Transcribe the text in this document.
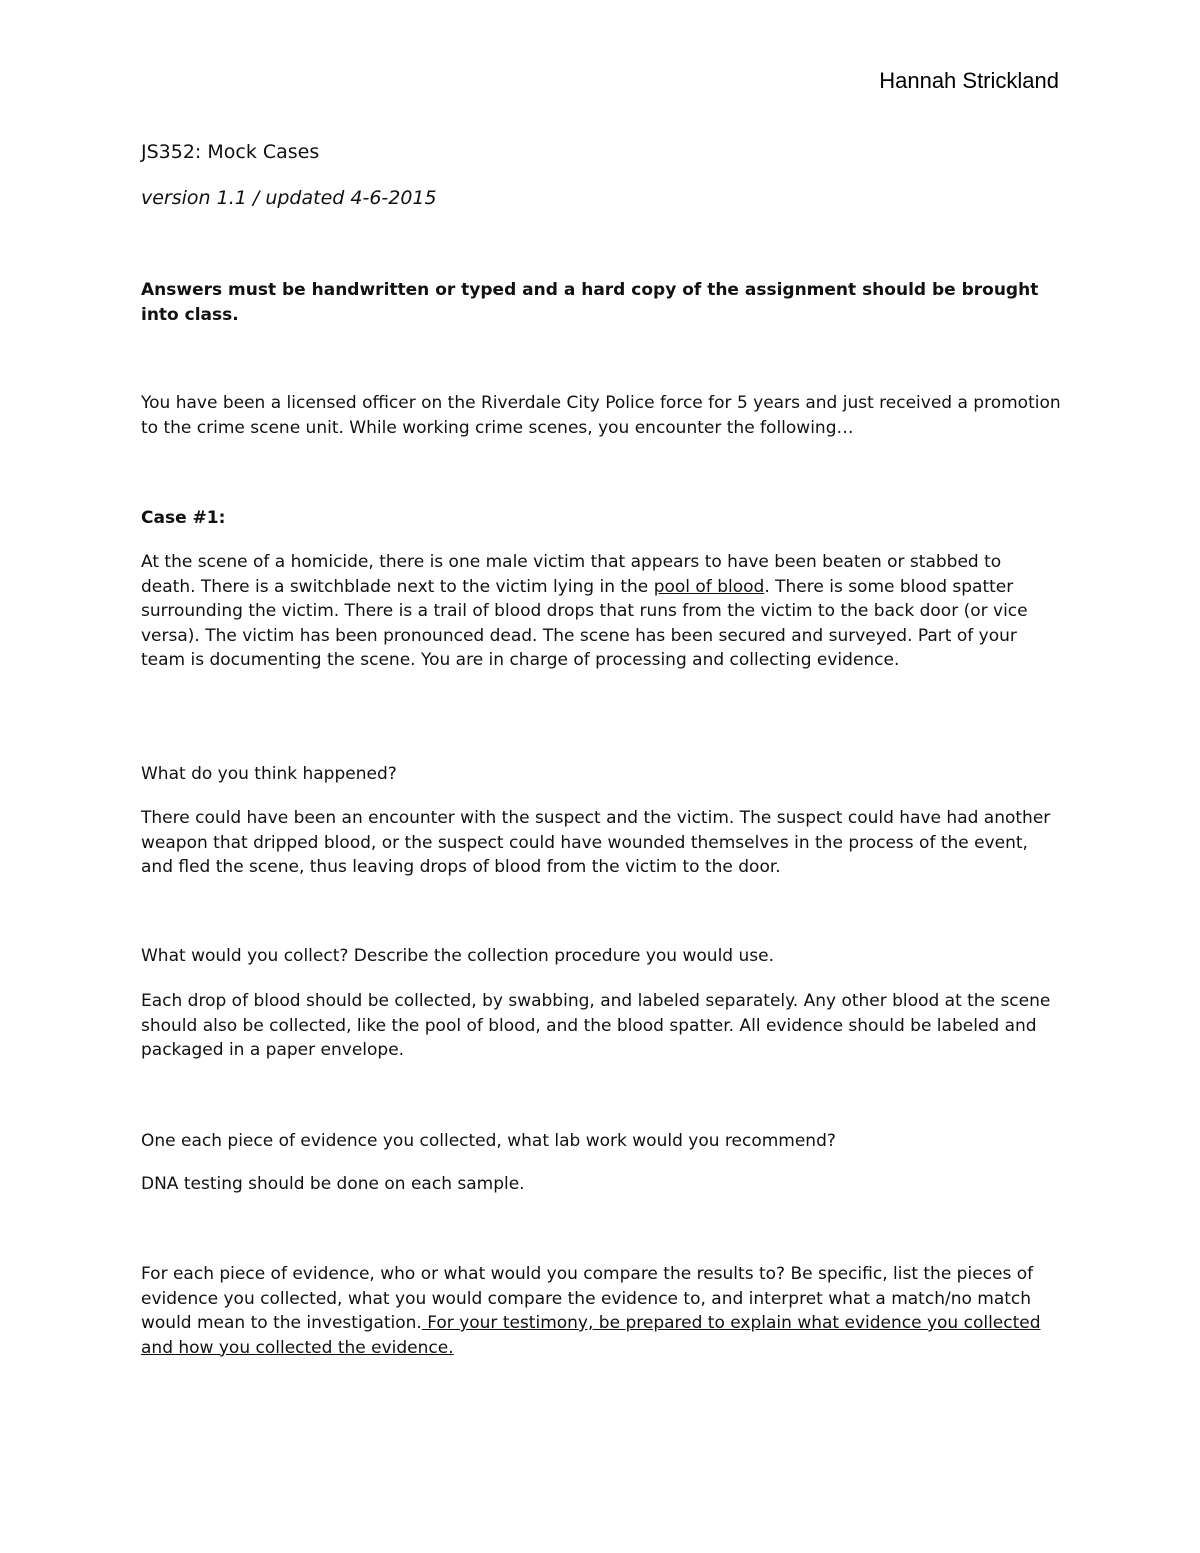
Hannah Strickland

JS352: Mock Cases

version 1.1 / updated 4-6-2015

Answers must be handwritten or typed and a hard copy of the assignment should be brought into class.

You have been a licensed officer on the Riverdale City Police force for 5 years and just received a promotion to the crime scene unit. While working crime scenes, you encounter the following…

Case #1:

At the scene of a homicide, there is one male victim that appears to have been beaten or stabbed to death. There is a switchblade next to the victim lying in the pool of blood. There is some blood spatter surrounding the victim. There is a trail of blood drops that runs from the victim to the back door (or vice versa). The victim has been pronounced dead. The scene has been secured and surveyed. Part of your team is documenting the scene. You are in charge of processing and collecting evidence.

What do you think happened?

There could have been an encounter with the suspect and the victim. The suspect could have had another weapon that dripped blood, or the suspect could have wounded themselves in the process of the event, and fled the scene, thus leaving drops of blood from the victim to the door.

What would you collect? Describe the collection procedure you would use.

Each drop of blood should be collected, by swabbing, and labeled separately. Any other blood at the scene should also be collected, like the pool of blood, and the blood spatter. All evidence should be labeled and packaged in a paper envelope.

One each piece of evidence you collected, what lab work would you recommend?

DNA testing should be done on each sample.

For each piece of evidence, who or what would you compare the results to? Be specific, list the pieces of evidence you collected, what you would compare the evidence to, and interpret what a match/no match would mean to the investigation. For your testimony, be prepared to explain what evidence you collected and how you collected the evidence.
